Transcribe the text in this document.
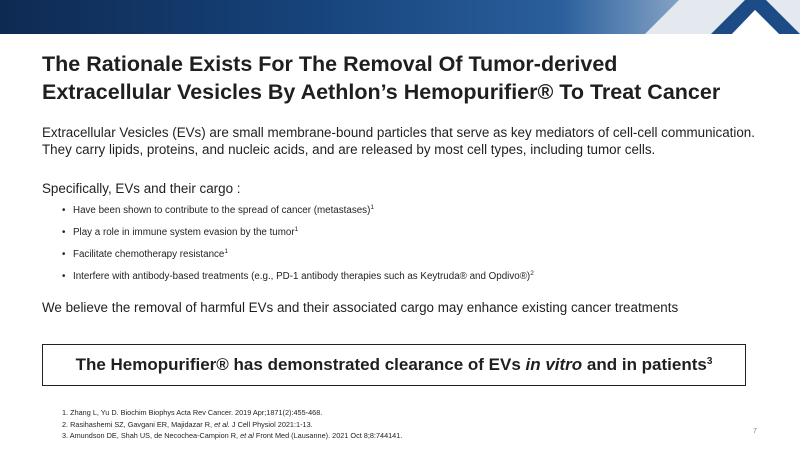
The Rationale Exists For The Removal Of Tumor-derived
Extracellular Vesicles By Aethlon’s Hemopurifier® To Treat Cancer

Extracellular Vesicles (EVs) are small membrane-bound particles that serve as key mediators of cell-cell communication. They carry lipids, proteins, and nucleic acids, and are released by most cell types, including tumor cells.

Specifically, EVs and their cargo :

• Have been shown to contribute to the spread of cancer (metastases)$^1$
• Play a role in immune system evasion by the tumor$^1$
• Facilitate chemotherapy resistance$^1$
• Interfere with antibody-based treatments (e.g., PD-1 antibody therapies such as Keytruda® and Opdivo®)$^2$

We believe the removal of harmful EVs and their associated cargo may enhance existing cancer treatments

The Hemopurifier® has demonstrated clearance of EVs in vitro and in patients$^3$
1. Zhang L, Yu D. Biochim Biophys Acta Rev Cancer. 2019 Apr;1871(2):455-468.
2. Rasihashemi SZ, Gavgani ER, Majidazar R, et al. J Cell Physiol 2021:1-13.
3. Amundson DE, Shah US, de Necochea-Campion R, et al Front Med (Lausanne). 2021 Oct 8;8:744141.
7
